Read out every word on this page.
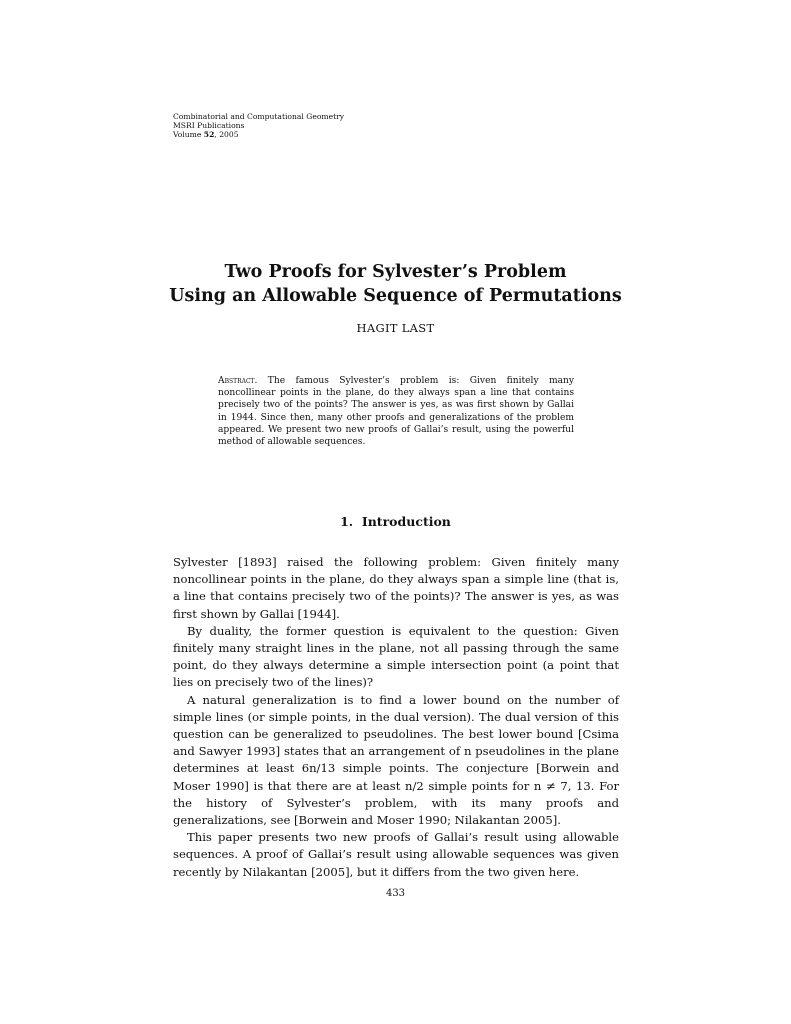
Combinatorial and Computational Geometry
MSRI Publications
Volume 52, 2005
Two Proofs for Sylvester’s Problem
Using an Allowable Sequence of Permutations
HAGIT LAST
Abstract. The famous Sylvester’s problem is: Given finitely many noncollinear points in the plane, do they always span a line that contains precisely two of the points? The answer is yes, as was first shown by Gallai in 1944. Since then, many other proofs and generalizations of the problem appeared. We present two new proofs of Gallai’s result, using the powerful method of allowable sequences.
1. Introduction

Sylvester [1893] raised the following problem: Given finitely many noncollinear points in the plane, do they always span a simple line (that is, a line that contains precisely two of the points)? The answer is yes, as was first shown by Gallai [1944].

By duality, the former question is equivalent to the question: Given finitely many straight lines in the plane, not all passing through the same point, do they always determine a simple intersection point (a point that lies on precisely two of the lines)?

A natural generalization is to find a lower bound on the number of simple lines (or simple points, in the dual version). The dual version of this question can be generalized to pseudolines. The best lower bound [Csima and Sawyer 1993] states that an arrangement of n pseudolines in the plane determines at least 6n/13 simple points. The conjecture [Borwein and Moser 1990] is that there are at least n/2 simple points for n ≠ 7, 13. For the history of Sylvester’s problem, with its many proofs and generalizations, see [Borwein and Moser 1990; Nilakantan 2005].

This paper presents two new proofs of Gallai’s result using allowable sequences. A proof of Gallai’s result using allowable sequences was given recently by Nilakantan [2005], but it differs from the two given here.

433
